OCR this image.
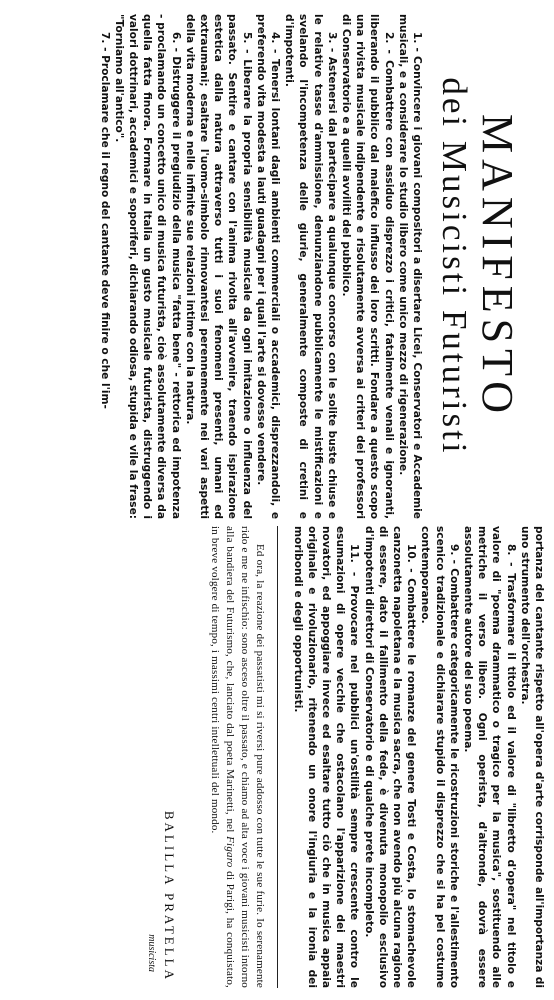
MANIFESTO

dei Musicisti Futuristi

1. - Convincere i giovani compositori a disertare Licei, Conservatori e Accademie musicali, e a considerare lo studio libero come unico mezzo di rigenerazione.

2. - Combattere con assiduo disprezzo i critici, fatalmente venali e ignoranti, liberando il pubblico dal malefico influsso dei loro scritti. Fondare a questo scopo una rivista musicale indipendente e risolutamente avversa ai criteri dei professori di Conservatorio e a quelli avviliti del pubblico.

3. - Astenersi dal partecipare a qualunque concorso con le solite buste chiuse e le relative tasse d'ammissione, denunziandone pubblicamente le mistificazioni e svelando l'incompetenza delle giurie, generalmente composte di cretini e d'impotenti.

4. - Tenersi lontani dagli ambienti commerciali o accademici, disprezzandoli, e preferendo vita modesta a lauti guadagni per i quali l'arte si dovesse vendere.

5. - Liberare la propria sensibilità musicale da ogni imitazione o influenza del passato. Sentire e cantare con l'anima rivolta all'avvenire, traendo ispirazione estetica dalla natura attraverso tutti i suoi fenomeni presenti, umani ed extraumani; esaltare l'uomo-simbolo rinnovantesi perennemente nei vari aspetti della vita moderna e nelle infinite sue relazioni intime con la natura.

6. - Distruggere il pregiudizio della musica "fatta bene" - rettorica ed impotenza - proclamando un concetto unico di musica futurista, cioè assolutamente diversa da quella fatta finora. Formare in Italia un gusto musicale futurista, distruggendo i valori dottrinari, accademici e soporiferi, dichiarando odiosa, stupida e vile la frase: "Torniamo all'antico".

7. - Proclamare che il regno del cantante deve finire o che l'im-

portanza del cantante rispetto all'opera d'arte corrisponde all'importanza di uno strumento dell'orchestra.

8. - Trasformare il titolo ed il valore di "libretto d'opera" nel titolo e valore di "poema drammatico o tragico per la musica", sostituendo alle metriche il verso libero. Ogni operista, d'altronde, dovrà essere assolutamente autore del suo poema.

9. - Combattere categoricamente le ricostruzioni storiche e l'allestimento scenico tradizionale e dichiarare stupido il disprezzo che si ha pel costume contemporaneo.

10. - Combattere le romanze del genere Tosti e Costa, lo stomachevole canzonetta napoletana e la musica sacra, che non avendo più alcuna ragione di essere, dato il fallimento della fede, è divenuta monopolio esclusivo d'impotenti direttori di Conservatorio e di qualche prete incompleto.

11. - Provocare nel pubblici un'ostilità sempre crescente contro le esumazioni di opere vecchie che ostacolano l'apparizione dei maestri novatori, ed appoggiare invece ed esaltare tutto ciò che in musica appaia originale e rivoluzionario, ritenendo un onore l'ingiuria e la ironia dei moribondi e degli opportunisti.

Ed ora, la reazione dei passatisti mi si riversi pure addosso con tutte le sue furie. Io serenamente rido e me ne infischio: sono asceso oltre il passato, e chiamo ad alta voce i giovani musicisti intorno alla bandiera del Futurismo, che, lanciato dal poeta Marinetti, nel Figaro di Parigi, ha conquistato, in breve volgere di tempo, i massimi centri intellettuali del mondo.

BALILLA PRATELLA

musicista
